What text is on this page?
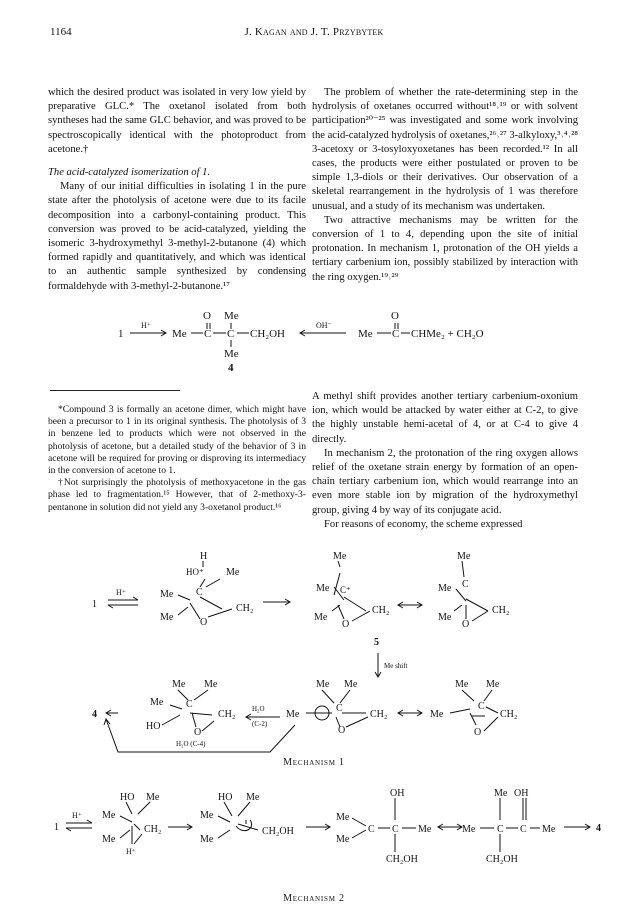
1164	J. Kagan and J. T. Przybytek

which the desired product was isolated in very low yield by preparative GLC.* The oxetanol isolated from both syntheses had the same GLC behavior, and was proved to be spectroscopically identical with the photoproduct from acetone.†

The acid-catalyzed isomerization of 1.

Many of our initial difficulties in isolating 1 in the pure state after the photolysis of acetone were due to its facile decomposition into a carbonyl-containing product. This conversion was proved to be acid-catalyzed, yielding the isomeric 3-hydroxymethyl 3-methyl-2-butanone (4) which formed rapidly and quantitatively, and which was identical to an authentic sample synthesized by condensing formaldehyde with 3-methyl-2-butanone.¹⁷

The problem of whether the rate-determining step in the hydrolysis of oxetanes occurred without¹⁸˒¹⁹ or with solvent participation²⁰⁻²⁵ was investigated and some work involving the acid-catalyzed hydrolysis of oxetanes,²⁶˒²⁷ 3-alkyloxy,³˒⁴˒²⁸ 3-acetoxy or 3-tosyloxyoxetanes has been recorded.¹² In all cases, the products were either postulated or proven to be simple 1,3-diols or their derivatives. Our observation of a skeletal rearrangement in the hydrolysis of 1 was therefore unusual, and a study of its mechanism was undertaken.

Two attractive mechanisms may be written for the conversion of 1 to 4, depending upon the site of initial protonation. In mechanism 1, protonation of the OH yields a tertiary carbenium ion, possibly stabilized by interaction with the ring oxygen.¹⁹˒²⁹

1
H⁺
Me C
O
C
Me
Me
4
CH₂OH
OH⁻
Me C
O
CHMe₂ + CH₂O

*Compound 3 is formally an acetone dimer, which might have been a precursor to 1 in its original synthesis. The photolysis of 3 in benzene led to products which were not observed in the photolysis of acetone, but a detailed study of the behavior of 3 in acetone will be required for proving or disproving its intermediacy in the conversion of acetone to 1.

†Not surprisingly the photolysis of methoxyacetone in the gas phase led to fragmentation.¹⁵ However, that of 2-methoxy-3-pentanone in solution did not yield any 3-oxetanol product.¹⁶

A methyl shift provides another tertiary carbenium-oxonium ion, which would be attacked by water either at C-2, to give the highly unstable hemi-acetal of 4, or at C-4 to give 4 directly.

In mechanism 2, the protonation of the ring oxygen allows relief of the oxetane strain energy by formation of an open-chain tertiary carbenium ion, which would rearrange into an even more stable ion by migration of the hydroxymethyl group, giving 4 by way of its conjugate acid.

For reasons of economy, the scheme expressed

1
H⁺
H
HO⁺ Me
Me
Me
C
CH₂
O
Me
Me
Me
C⁺
CH₂
O
Me
Me
Me
C
CH₂
O
5
Me shift
4
Me Me
Me C
CH₂
HO
O
H₂O
(C-2)
Me Me
Me
C
CH₂
O
Me Me
Me
C
CH₂
O
H₂O (C-4)
Mechanism 1
1
H⁺
HO Me
Me
Me
CH₂
H⁺
HO Me
Me
Me
CH₂OH
OH
Me
Me
C C Me
CH₂OH
Me OH
Me C C Me
CH₂OH
4
Mechanism 2
